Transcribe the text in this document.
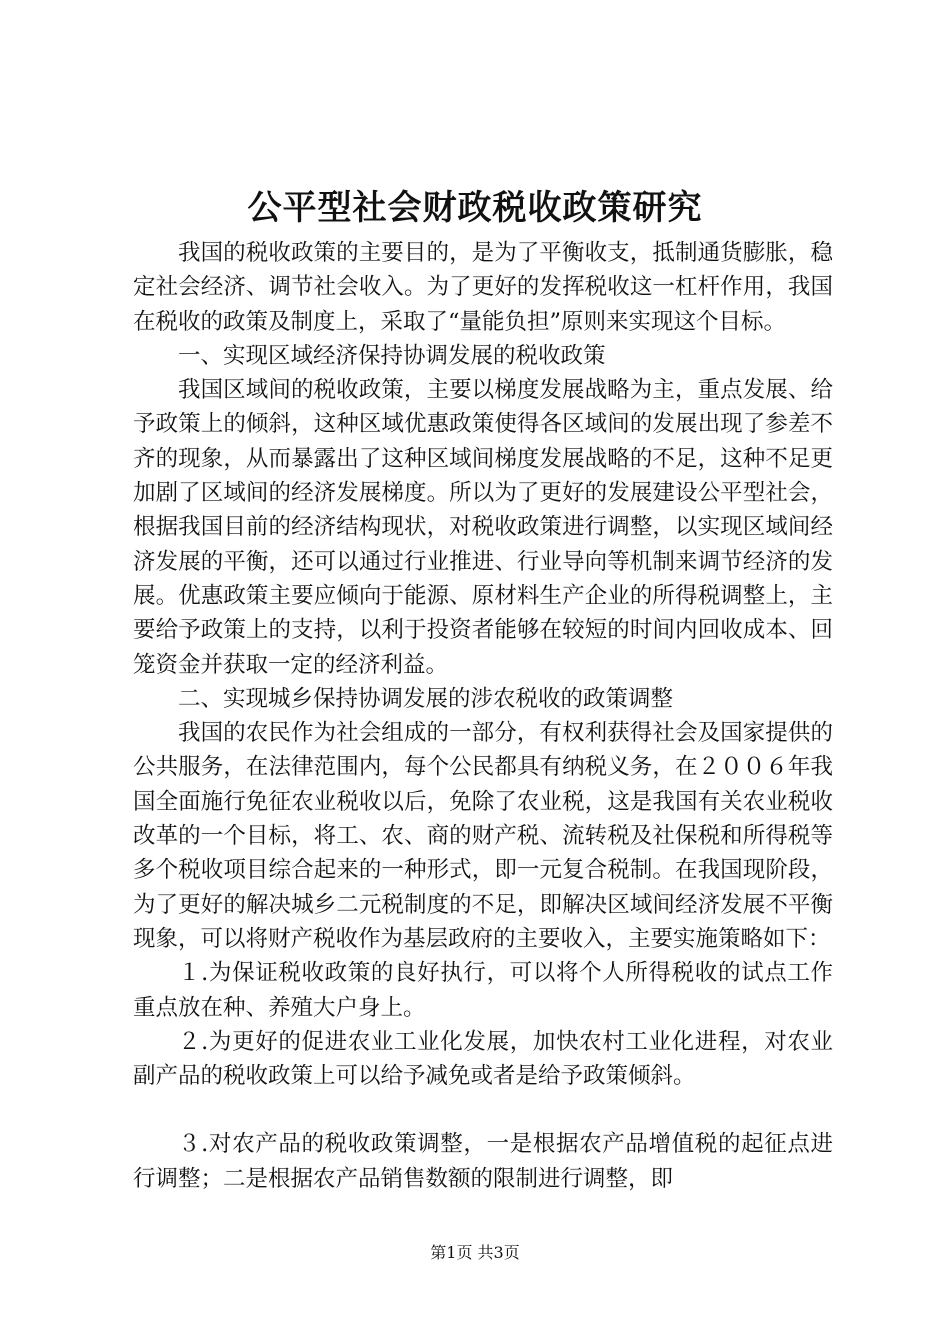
公平型社会财政税收政策研究

我国的税收政策的主要目的，是为了平衡收支，抵制通货膨胀，稳定社会经济、调节社会收入。为了更好的发挥税收这一杠杆作用，我国在税收的政策及制度上，采取了“量能负担”原则来实现这个目标。

一、实现区域经济保持协调发展的税收政策

我国区域间的税收政策，主要以梯度发展战略为主，重点发展、给予政策上的倾斜，这种区域优惠政策使得各区域间的发展出现了参差不齐的现象，从而暴露出了这种区域间梯度发展战略的不足，这种不足更加剧了区域间的经济发展梯度。所以为了更好的发展建设公平型社会，根据我国目前的经济结构现状，对税收政策进行调整，以实现区域间经济发展的平衡，还可以通过行业推进、行业导向等机制来调节经济的发展。优惠政策主要应倾向于能源、原材料生产企业的所得税调整上，主要给予政策上的支持，以利于投资者能够在较短的时间内回收成本、回笼资金并获取一定的经济利益。

二、实现城乡保持协调发展的涉农税收的政策调整

我国的农民作为社会组成的一部分，有权利获得社会及国家提供的公共服务，在法律范围内，每个公民都具有纳税义务，在２００６年我国全面施行免征农业税收以后，免除了农业税，这是我国有关农业税收改革的一个目标，将工、农、商的财产税、流转税及社保税和所得税等多个税收项目综合起来的一种形式，即一元复合税制。在我国现阶段，为了更好的解决城乡二元税制度的不足，即解决区域间经济发展不平衡现象，可以将财产税收作为基层政府的主要收入，主要实施策略如下：

１.为保证税收政策的良好执行，可以将个人所得税收的试点工作重点放在种、养殖大户身上。

２.为更好的促进农业工业化发展，加快农村工业化进程，对农业副产品的税收政策上可以给予减免或者是给予政策倾斜。

３.对农产品的税收政策调整，一是根据农产品增值税的起征点进行调整；二是根据农产品销售数额的限制进行调整，即

第1页 共3页
